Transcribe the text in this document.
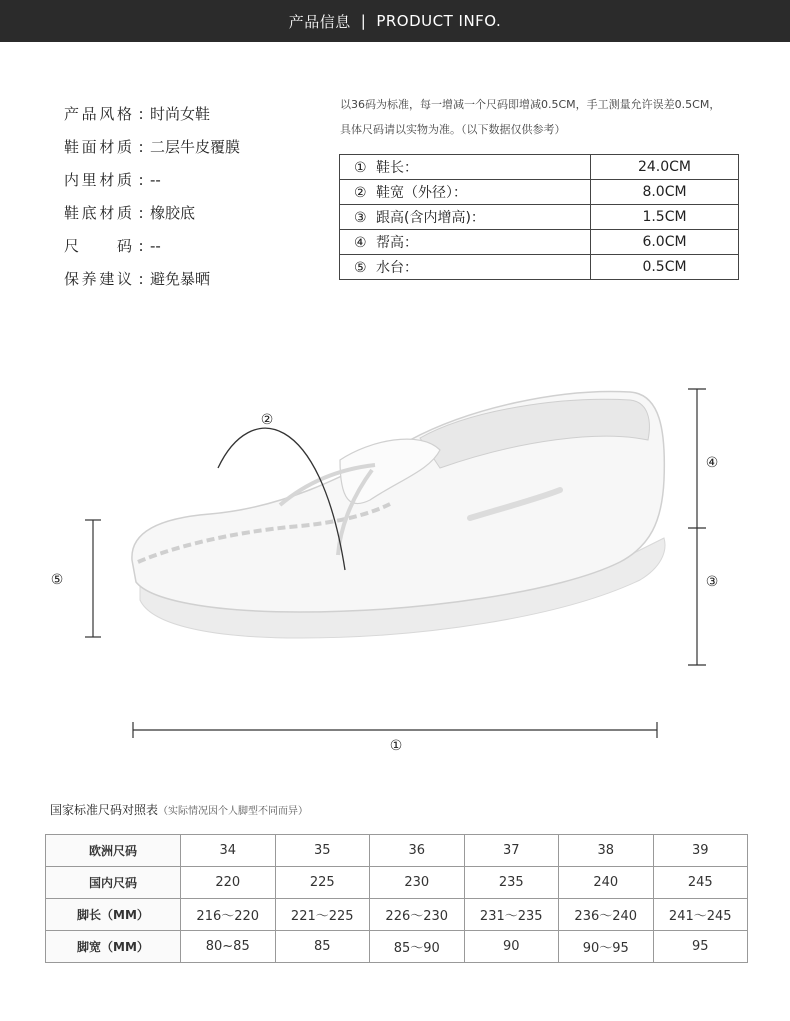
产品信息 | PRODUCT INFO.
产品风格 : 时尚女鞋
鞋面材质 : 二层牛皮覆膜
内里材质 : --
鞋底材质 : 橡胶底
尺码 : --
保养建议 : 避免暴晒
以36码为标准，每一增减一个尺码即增减0.5CM，手工测量允许误差0.5CM，
具体尺码请以实物为准。（以下数据仅供参考）
① 鞋长：	24.0CM
② 鞋宽（外径）：	8.0CM
③ 跟高(含内增高)：	1.5CM
④ 帮高：	6.0CM
⑤ 水台：	0.5CM
②
⑤
④
③
①
国家标准尺码对照表（实际情况因个人脚型不同而异）
欧洲尺码	34	35	36	37	38	39
国内尺码	220	225	230	235	240	245
脚长（MM）	216～220	221～225	226～230	231～235	236～240	241～245
脚宽（MM）	80~85	85	85～90	90	90～95	95
